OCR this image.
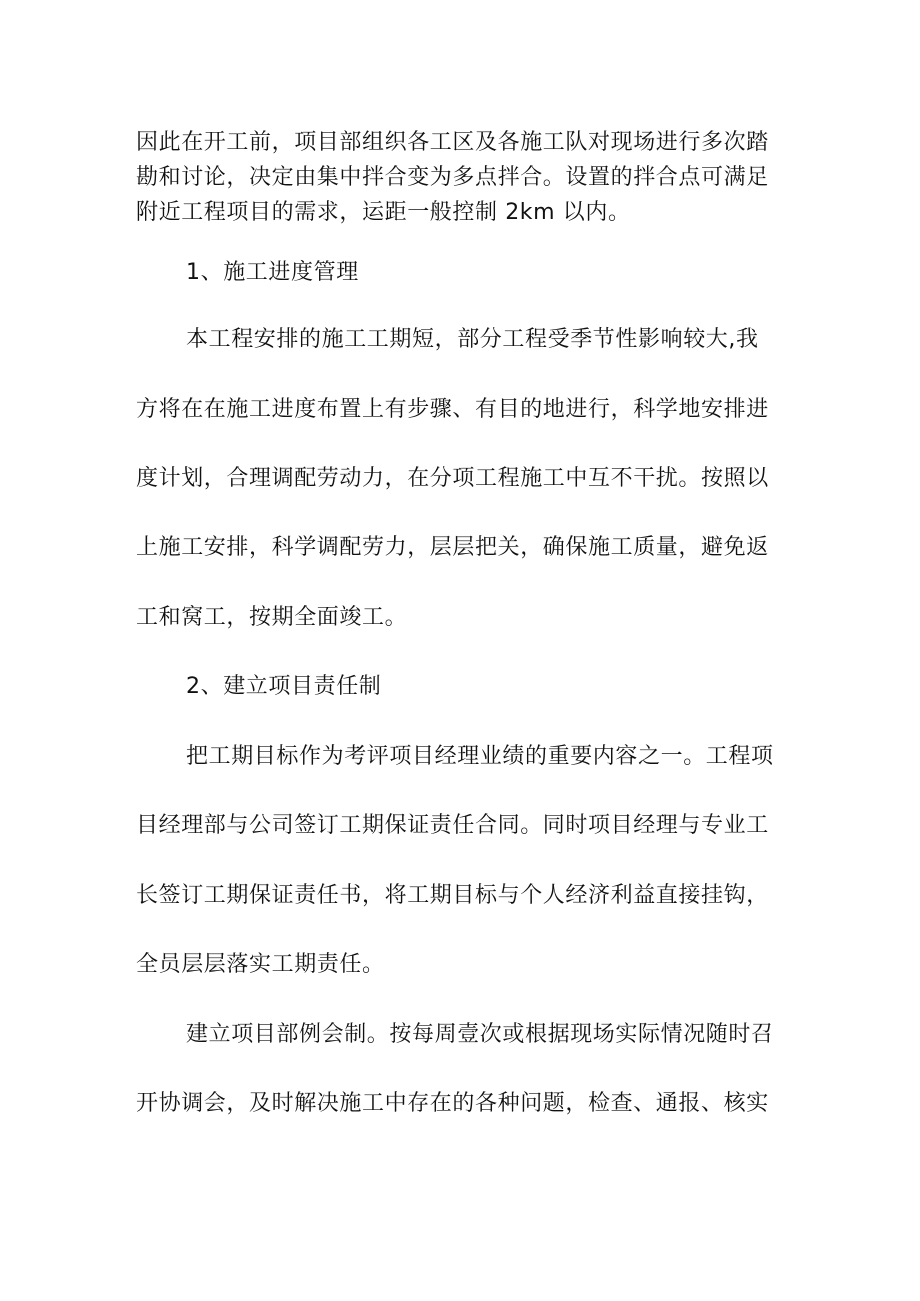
因此在开工前，项目部组织各工区及各施工队对现场进行多次踏
勘和讨论，决定由集中拌合变为多点拌合。设置的拌合点可满足
附近工程项目的需求，运距一般控制 2km 以内。
1、施工进度管理
本工程安排的施工工期短，部分工程受季节性影响较大,我
方将在在施工进度布置上有步骤、有目的地进行，科学地安排进
度计划，合理调配劳动力，在分项工程施工中互不干扰。按照以
上施工安排，科学调配劳力，层层把关，确保施工质量，避免返
工和窝工，按期全面竣工。
2、建立项目责任制
把工期目标作为考评项目经理业绩的重要内容之一。工程项
目经理部与公司签订工期保证责任合同。同时项目经理与专业工
长签订工期保证责任书，将工期目标与个人经济利益直接挂钩，
全员层层落实工期责任。
建立项目部例会制。按每周壹次或根据现场实际情况随时召
开协调会，及时解决施工中存在的各种问题，检查、通报、核实
